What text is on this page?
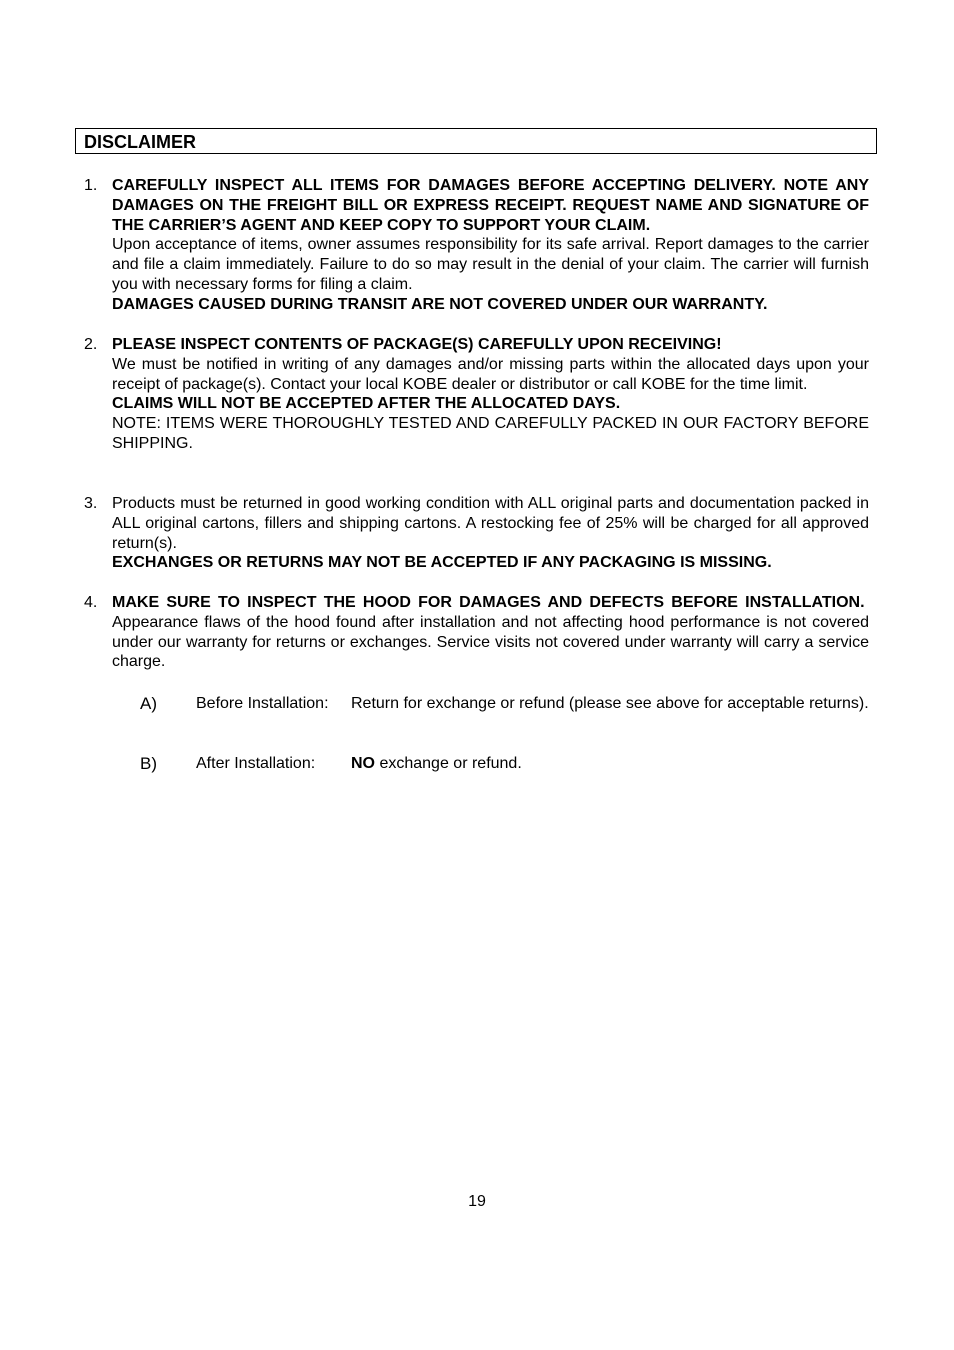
DISCLAIMER
1. CAREFULLY INSPECT ALL ITEMS FOR DAMAGES BEFORE ACCEPTING DELIVERY. NOTE ANY DAMAGES ON THE FREIGHT BILL OR EXPRESS RECEIPT. REQUEST NAME AND SIGNATURE OF THE CARRIER’S AGENT AND KEEP COPY TO SUPPORT YOUR CLAIM.
Upon acceptance of items, owner assumes responsibility for its safe arrival. Report damages to the carrier and file a claim immediately. Failure to do so may result in the denial of your claim. The carrier will furnish you with necessary forms for filing a claim.
DAMAGES CAUSED DURING TRANSIT ARE NOT COVERED UNDER OUR WARRANTY.
2. PLEASE INSPECT CONTENTS OF PACKAGE(S) CAREFULLY UPON RECEIVING!
We must be notified in writing of any damages and/or missing parts within the allocated days upon your receipt of package(s). Contact your local KOBE dealer or distributor or call KOBE for the time limit.
CLAIMS WILL NOT BE ACCEPTED AFTER THE ALLOCATED DAYS.
NOTE: ITEMS WERE THOROUGHLY TESTED AND CAREFULLY PACKED IN OUR FACTORY BEFORE SHIPPING.
3. Products must be returned in good working condition with ALL original parts and documentation packed in ALL original cartons, fillers and shipping cartons. A restocking fee of 25% will be charged for all approved return(s).
EXCHANGES OR RETURNS MAY NOT BE ACCEPTED IF ANY PACKAGING IS MISSING.
4. MAKE SURE TO INSPECT THE HOOD FOR DAMAGES AND DEFECTS BEFORE INSTALLATION.  Appearance flaws of the hood found after installation and not affecting hood performance is not covered under our warranty for returns or exchanges. Service visits not covered under warranty will carry a service charge.
A) Before Installation: Return for exchange or refund (please see above for acceptable returns).
B) After Installation: NO exchange or refund.
19
